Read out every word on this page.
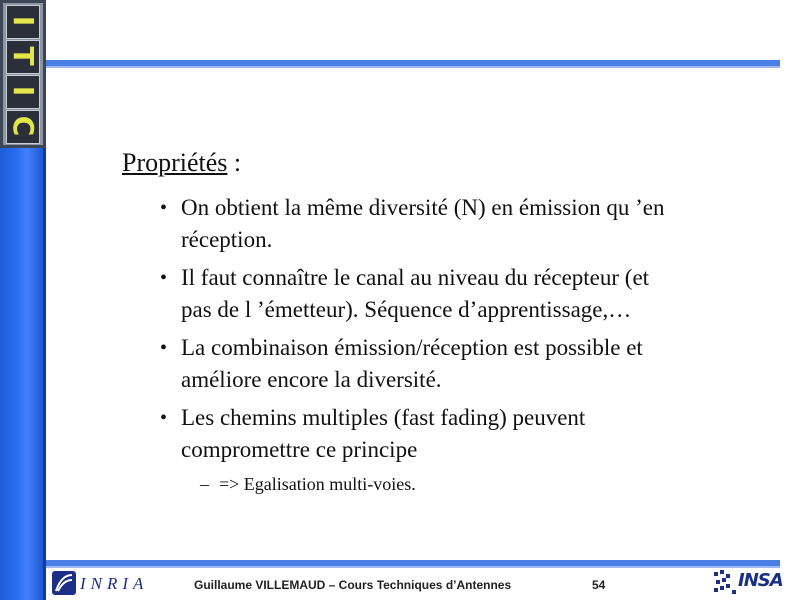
I
T
I
C
Propriétés :
• On obtient la même diversité (N) en émission qu ’en
réception.
• Il faut connaître le canal au niveau du récepteur (et
pas de l ’émetteur). Séquence d’apprentissage,…
• La combinaison émission/réception est possible et
améliore encore la diversité.
• Les chemins multiples (fast fading) peuvent
compromettre ce principe
– => Egalisation multi-voies.
INRIA	Guillaume VILLEMAUD – Cours Techniques d’Antennes	54	INSA
